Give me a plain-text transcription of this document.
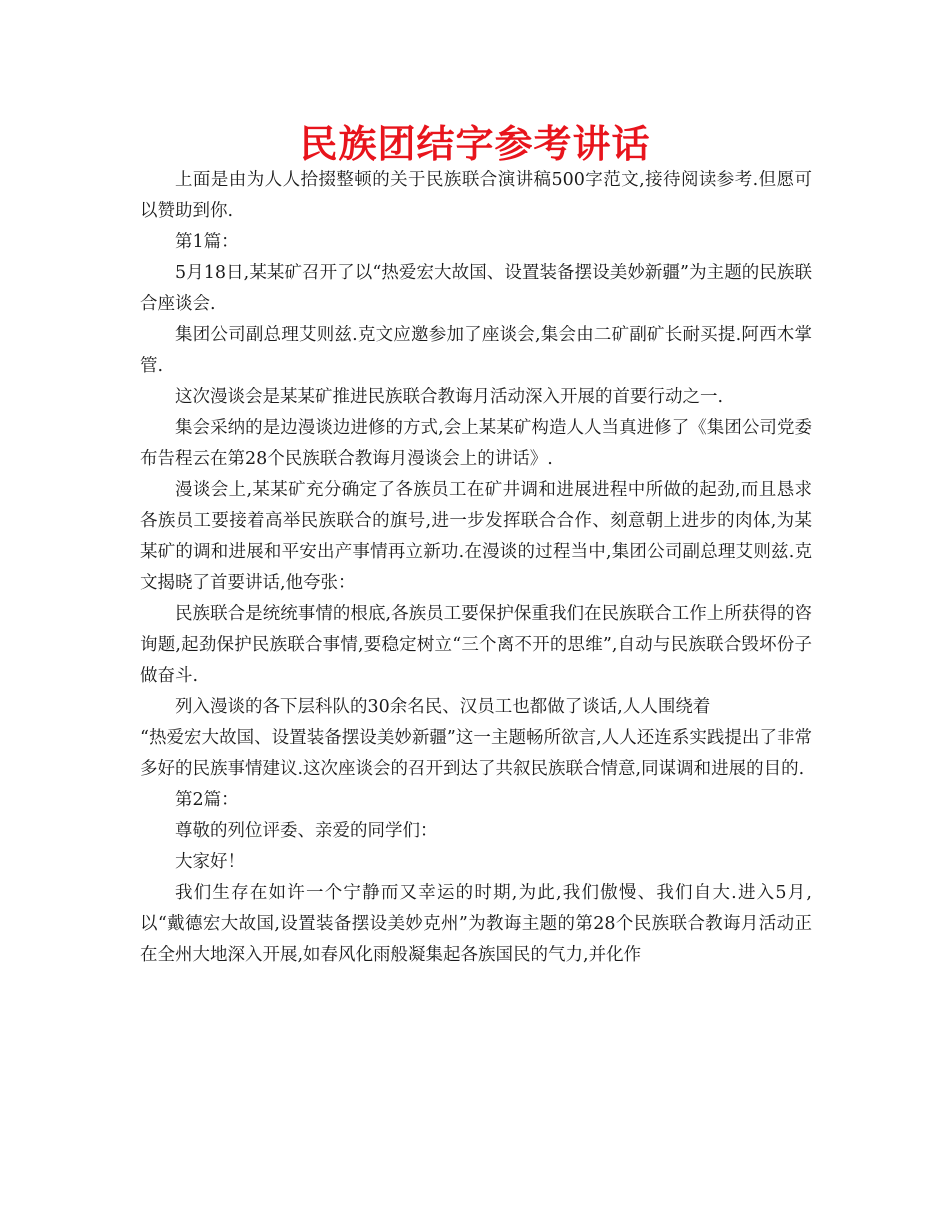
民族团结字参考讲话

上面是由为人人拾掇整顿的关于民族联合演讲稿500字范文,接待阅读参考.但愿可以赞助到你.

第1篇：

5月18日,某某矿召开了以“热爱宏大故国、设置装备摆设美妙新疆”为主题的民族联合座谈会.

集团公司副总理艾则兹.克文应邀参加了座谈会,集会由二矿副矿长耐买提.阿西木掌管.

这次漫谈会是某某矿推进民族联合教诲月活动深入开展的首要行动之一.

集会采纳的是边漫谈边进修的方式,会上某某矿构造人人当真进修了《集团公司党委布告程云在第28个民族联合教诲月漫谈会上的讲话》.

漫谈会上,某某矿充分确定了各族员工在矿井调和进展进程中所做的起劲,而且恳求各族员工要接着高举民族联合的旗号,进一步发挥联合合作、刻意朝上进步的肉体,为某某矿的调和进展和平安出产事情再立新功.在漫谈的过程当中,集团公司副总理艾则兹.克文揭晓了首要讲话,他夸张：

民族联合是统统事情的根底,各族员工要保护保重我们在民族联合工作上所获得的咨询题,起劲保护民族联合事情,要稳定树立“三个离不开的思维”,自动与民族联合毁坏份子做奋斗.

列入漫谈的各下层科队的30余名民、汉员工也都做了谈话,人人围绕着

“热爱宏大故国、设置装备摆设美妙新疆”这一主题畅所欲言,人人还连系实践提出了非常多好的民族事情建议.这次座谈会的召开到达了共叙民族联合情意,同谋调和进展的目的.

第2篇：

尊敬的列位评委、亲爱的同学们：

大家好！

我们生存在如许一个宁静而又幸运的时期,为此,我们傲慢、我们自大.进入5月,以“戴德宏大故国,设置装备摆设美妙克州”为教诲主题的第28个民族联合教诲月活动正在全州大地深入开展,如春风化雨般凝集起各族国民的气力,并化作
